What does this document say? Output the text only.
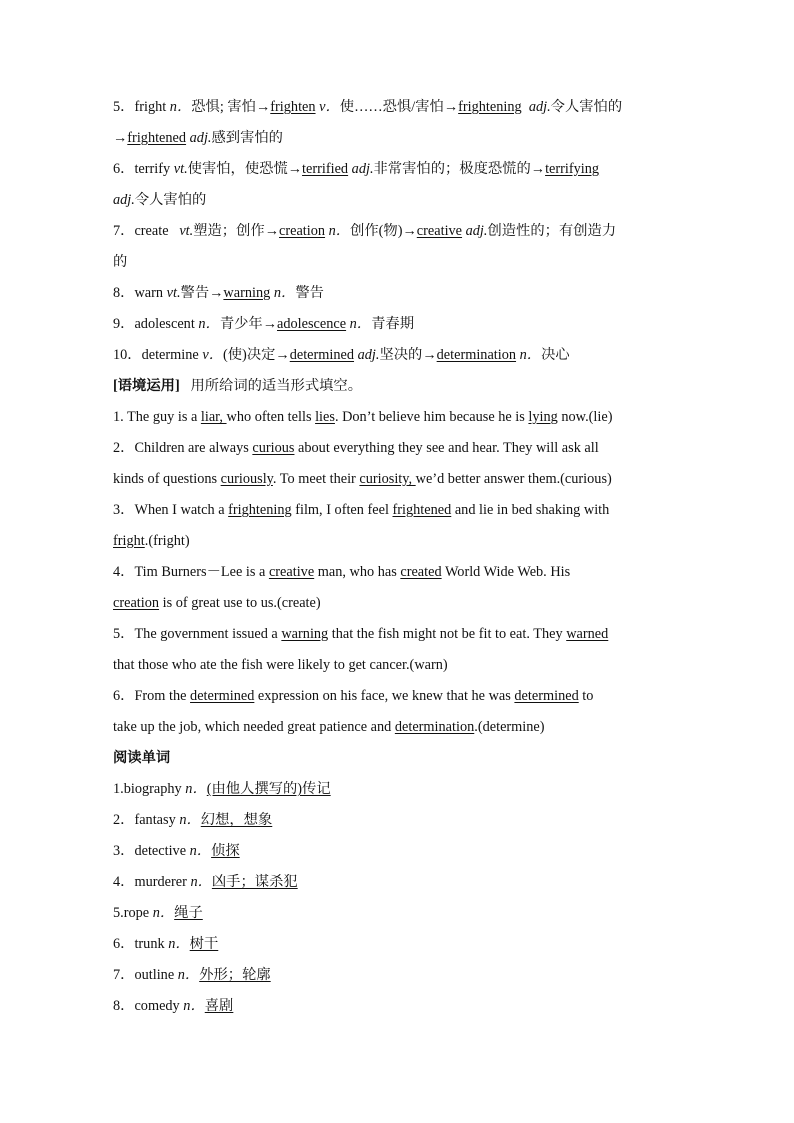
5．fright n．恐惧; 害怕→frighten v．使……恐惧/害怕→frightening adj.令人害怕的
→frightened adj.感到害怕的
6．terrify vt.使害怕，使恐慌→terrified adj.非常害怕的；极度恐慌的→terrifying
adj.令人害怕的
7．create vt.塑造；创作→creation n．创作(物)→creative adj.创造性的；有创造力
的
8．warn vt.警告→warning n．警告
9．adolescent n．青少年→adolescence n．青春期
10．determine v．(使)决定→determined adj.坚决的→determination n．决心
[语境运用] 用所给词的适当形式填空。
1. The guy is a liar, who often tells lies. Don’t believe him because he is lying now.(lie)
2．Children are always curious about everything they see and hear. They will ask all
kinds of questions curiously. To meet their curiosity, we’d better answer them.(curious)
3．When I watch a frightening film, I often feel frightened and lie in bed shaking with
fright.(fright)
4．Tim Burners－Lee is a creative man, who has created World Wide Web. His
creation is of great use to us.(create)
5．The government issued a warning that the fish might not be fit to eat. They warned
that those who ate the fish were likely to get cancer.(warn)
6．From the determined expression on his face, we knew that he was determined to
take up the job, which needed great patience and determination.(determine)
阅读单词
1.biography n．(由他人撰写的)传记
2．fantasy n．幻想，想象
3．detective n．侦探
4．murderer n．凶手；谋杀犯
5.rope n．绳子
6．trunk n．树干
7．outline n．外形；轮廓
8．comedy n．喜剧
